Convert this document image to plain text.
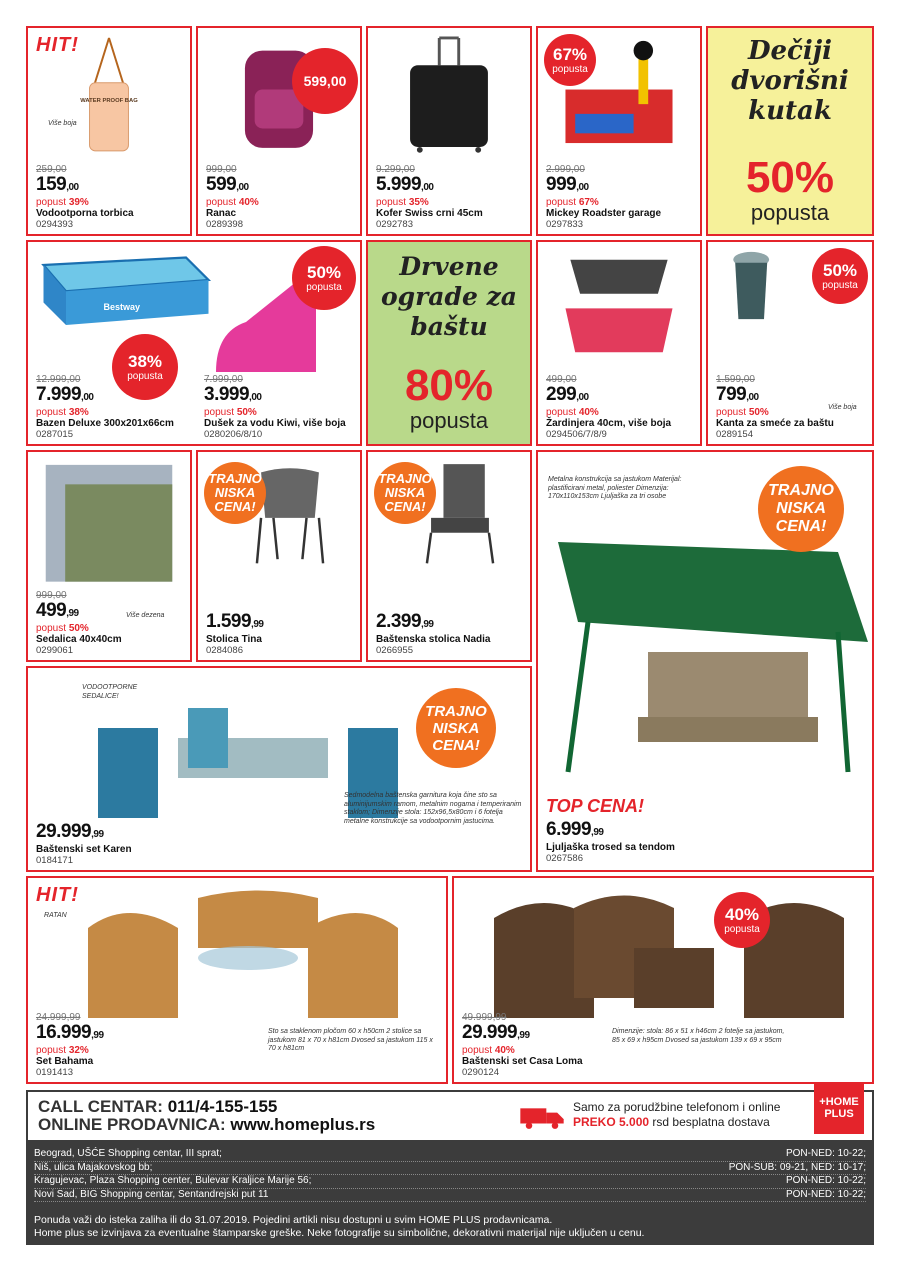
HIT!
WATER PROOF BAG
Više boja
259,00
159,00
popust 39%
Vodootporna torbica
0294393
599,00
999,00
599,00
popust 40%
Ranac
0289398
9.299,00
5.999,00
popust 35%
Kofer Swiss crni 45cm
0292783
67%
popusta
2.999,00
999,00
popust 67%
Mickey Roadster garage
0297833
Dečiji dvorišni kutak
50%
popusta
Bestway
38%
popusta
50%
popusta
12.999,00
7.999,00
popust 38%
Bazen Deluxe 300x201x66cm
0287015
7.999,00
3.999,00
popust 50%
Dušek za vodu Kiwi, više boja
0280206/8/10
Drvene ograde za baštu
80%
popusta
499,00
299,00
popust 40%
Žardinjera 40cm, više boja
0294506/7/8/9
50%
popusta
Više boja
1.599,00
799,00
popust 50%
Kanta za smeće za baštu
0289154
Više dezena
999,00
499,99
popust 50%
Sedalica 40x40cm
0299061
TRAJNO NISKA CENA!
1.599,99
Stolica Tina
0284086
TRAJNO NISKA CENA!
2.399,99
Baštenska stolica Nadia
0266955
Metalna konstrukcija sa jastukom Materijal: plastificirani metal, poliester Dimenzija: 170x110x153cm Ljuljaška za tri osobe	TRAJNO NISKA CENA!
TOP CENA!
6.999,99
Ljuljaška trosed sa tendom
0267586
VODOOTPORNE SEDALICE!
TRAJNO NISKA CENA!
Sedmodelna baštenska garnitura koja čine sto sa aluminijumskim ramom, metalnim nogama i temperiranim staklom; Dimenzije stola: 152x96,5x80cm i 6 fotelja metalne konstrukcije sa vodootpornim jastucima.
29.999,99
Baštenski set Karen
0184171
HIT!
RATAN
Sto sa staklenom pločom 60 x h50cm 2 stolice sa jastukom 81 x 70 x h81cm Dvosed sa jastukom 115 x 70 x h81cm
24.999,99
16.999,99
popust 32%
Set Bahama
0191413
40%
popusta
Dimenzije: stola: 86 x 51 x h46cm 2 fotelje sa jastukom, 85 x 69 x h95cm Dvosed sa jastukom 139 x 69 x 95cm
49.999,99
29.999,99
popust 40%
Baštenski set Casa Loma
0290124
CALL CENTAR: 011/4-155-155
ONLINE PRODAVNICA: www.homeplus.rs
Samo za porudžbine telefonom i online
PREKO 5.000 rsd besplatna dostava
+HOME PLUS
Beograd, UŠĆE Shopping centar, III sprat;	PON-NED: 10-22;
Niš, ulica Majakovskog bb;	PON-SUB: 09-21, NED: 10-17;
Kragujevac, Plaza Shopping center, Bulevar Kraljice Marije 56;	PON-NED: 10-22;
Novi Sad, BIG Shopping centar, Sentandrejski put 11	PON-NED: 10-22;
Ponuda važi do isteka zaliha ili do 31.07.2019. Pojedini artikli nisu dostupni u svim HOME PLUS prodavnicama.
Home plus se izvinjava za eventualne štamparske greške. Neke fotografije su simbolične, dekorativni materijal nije uključen u cenu.
